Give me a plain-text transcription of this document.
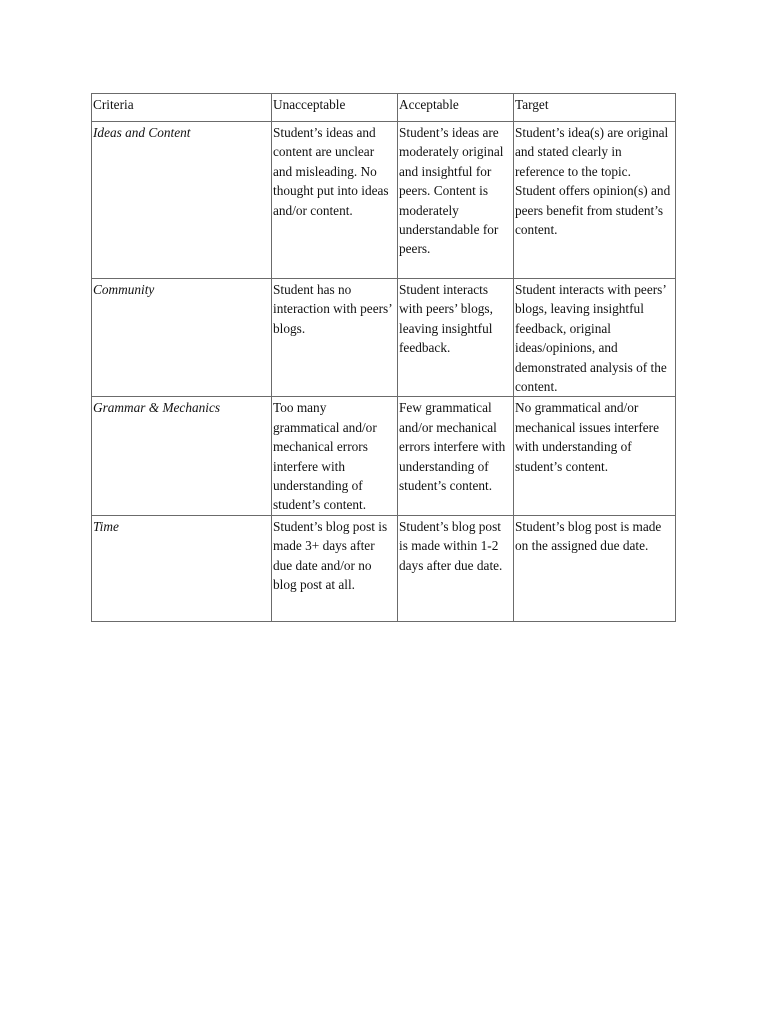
Criteria	Unacceptable	Acceptable	Target
Ideas and Content	Student’s ideas and content are unclear and misleading. No thought put into ideas and/or content.	Student’s ideas are moderately original and insightful for peers. Content is moderately understandable for peers.	Student’s idea(s) are original and stated clearly in reference to the topic. Student offers opinion(s) and peers benefit from student’s content.
Community	Student has no interaction with peers’ blogs.	Student interacts with peers’ blogs, leaving insightful feedback.	Student interacts with peers’ blogs, leaving insightful feedback, original ideas/opinions, and demonstrated analysis of the content.
Grammar & Mechanics	Too many grammatical and/or mechanical errors interfere with understanding of student’s content.	Few grammatical and/or mechanical errors interfere with understanding of student’s content.	No grammatical and/or mechanical issues interfere with understanding of student’s content.
Time	Student’s blog post is made 3+ days after due date and/or no blog post at all.	Student’s blog post is made within 1-2 days after due date.	Student’s blog post is made on the assigned due date.
